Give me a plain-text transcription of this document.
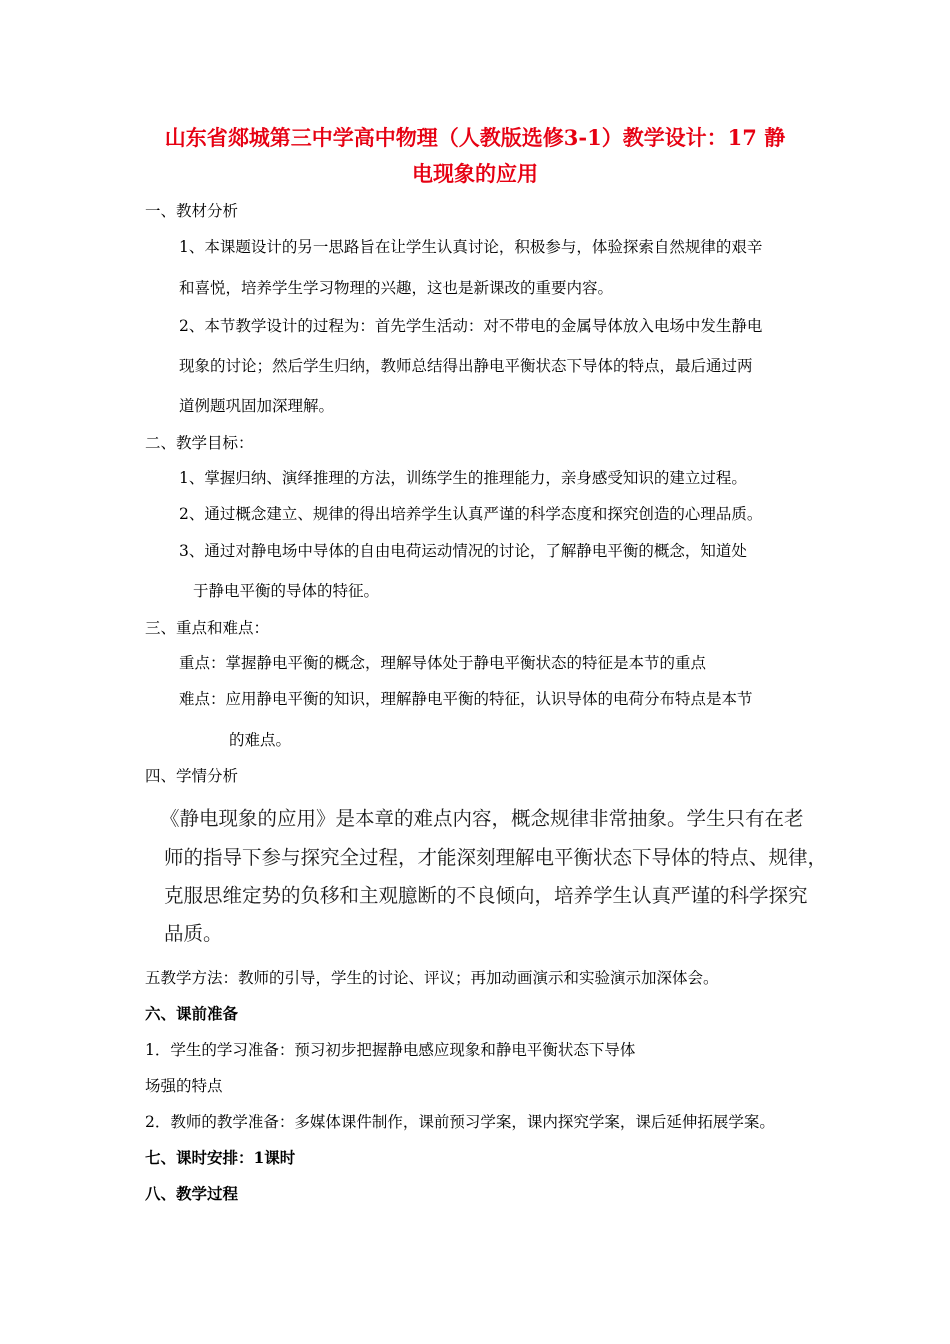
山东省郯城第三中学高中物理（人教版选修3-1）教学设计：17 静
电现象的应用
一、教材分析
1、本课题设计的另一思路旨在让学生认真讨论，积极参与，体验探索自然规律的艰辛
和喜悦，培养学生学习物理的兴趣，这也是新课改的重要内容。
2、本节教学设计的过程为：首先学生活动：对不带电的金属导体放入电场中发生静电
现象的讨论；然后学生归纳，教师总结得出静电平衡状态下导体的特点，最后通过两
道例题巩固加深理解。
二、教学目标：
1、掌握归纳、演绎推理的方法，训练学生的推理能力，亲身感受知识的建立过程。
2、通过概念建立、规律的得出培养学生认真严谨的科学态度和探究创造的心理品质。
3、通过对静电场中导体的自由电荷运动情况的讨论，了解静电平衡的概念，知道处
于静电平衡的导体的特征。
三、重点和难点：
重点：掌握静电平衡的概念，理解导体处于静电平衡状态的特征是本节的重点
难点：应用静电平衡的知识，理解静电平衡的特征，认识导体的电荷分布特点是本节
的难点。
四、学情分析
《静电现象的应用》是本章的难点内容，概念规律非常抽象。学生只有在老
师的指导下参与探究全过程，才能深刻理解电平衡状态下导体的特点、规律，
克服思维定势的负移和主观臆断的不良倾向，培养学生认真严谨的科学探究
品质。
五教学方法：教师的引导，学生的讨论、评议；再加动画演示和实验演示加深体会。
六、课前准备
1．学生的学习准备：预习初步把握静电感应现象和静电平衡状态下导体
场强的特点
2．教师的教学准备：多媒体课件制作，课前预习学案，课内探究学案，课后延伸拓展学案。
七、课时安排：1课时
八、教学过程
